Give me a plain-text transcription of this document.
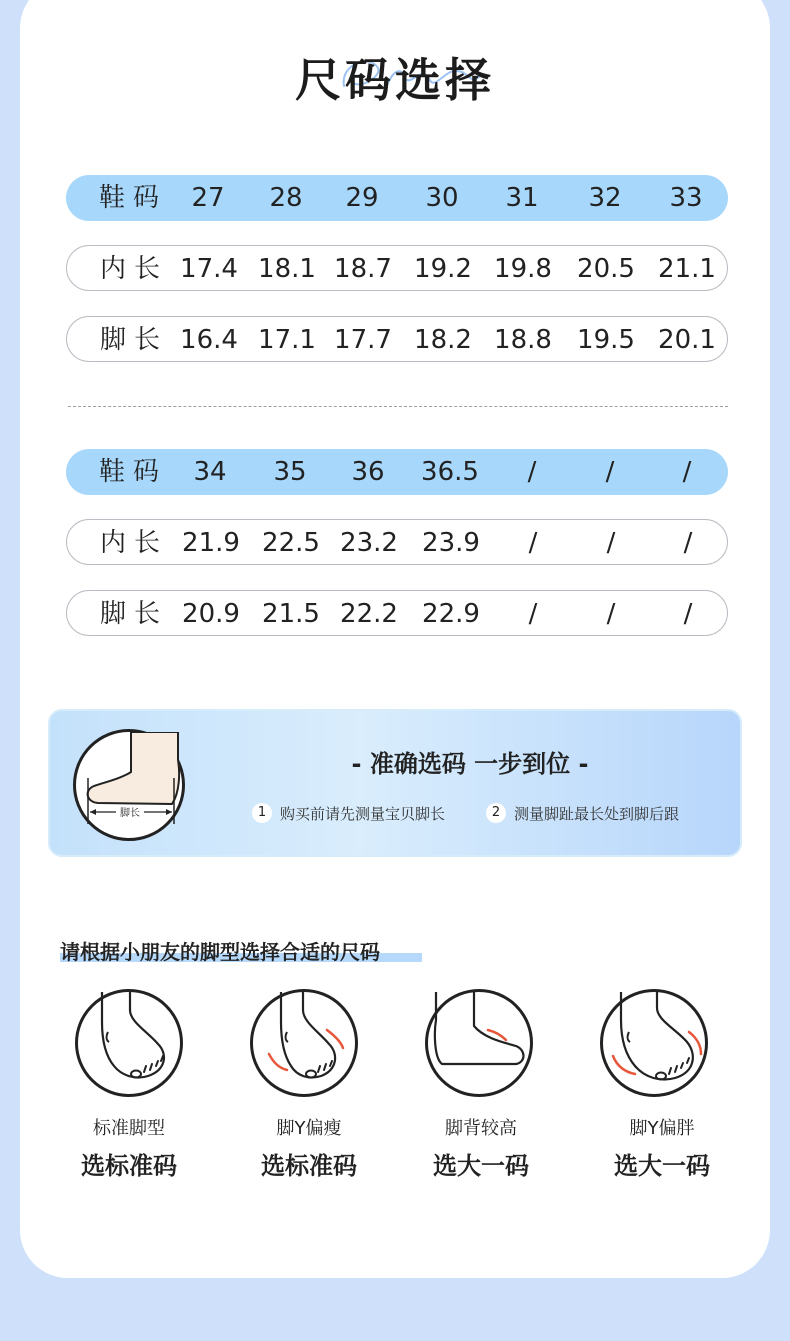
尺码选择
鞋码 27 28 29 30 31 32 33
内长 17.4 18.1 18.7 19.2 19.8 20.5 21.1
脚长 16.4 17.1 17.7 18.2 18.8 19.5 20.1
鞋码 34 35 36 36.5 /	/	/
内长 21.9 22.5 23.2 23.9 /	/	/
脚长 20.9 21.5 22.2 22.9 /	/	/
脚长
- 准确选码 一步到位 -
1 购买前请先测量宝贝脚长	2 测量脚趾最长处到脚后跟
请根据小朋友的脚型选择合适的尺码
标准脚型	脚Y偏瘦	脚背较高	脚Y偏胖
选标准码	选标准码	选大一码	选大一码
